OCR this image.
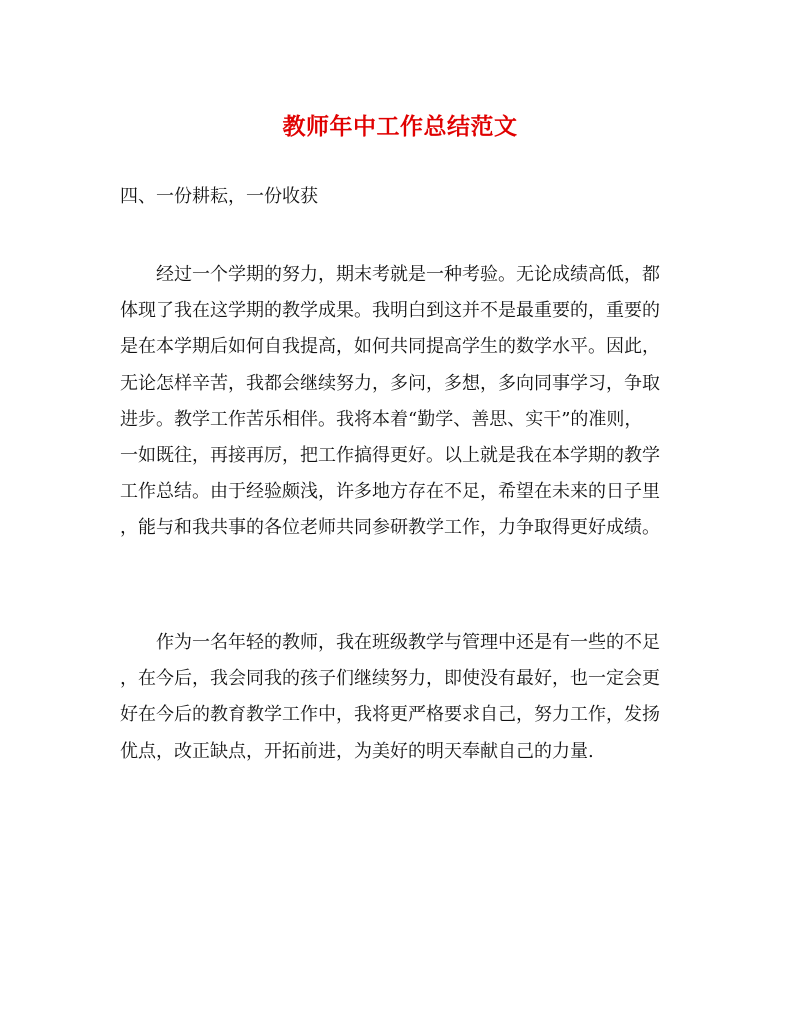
教师年中工作总结范文
四、一份耕耘，一份收获
　　经过一个学期的努力，期末考就是一种考验。无论成绩高低，都
体现了我在这学期的教学成果。我明白到这并不是最重要的，重要的
是在本学期后如何自我提高，如何共同提高学生的数学水平。因此，
无论怎样辛苦，我都会继续努力，多问，多想，多向同事学习，争取
进步。教学工作苦乐相伴。我将本着“勤学、善思、实干”的准则，
一如既往，再接再厉，把工作搞得更好。以上就是我在本学期的教学
工作总结。由于经验颇浅，许多地方存在不足，希望在未来的日子里
，能与和我共事的各位老师共同参研教学工作，力争取得更好成绩。
　　作为一名年轻的教师，我在班级教学与管理中还是有一些的不足
，在今后，我会同我的孩子们继续努力，即使没有最好，也一定会更
好在今后的教育教学工作中，我将更严格要求自己，努力工作，发扬
优点，改正缺点，开拓前进，为美好的明天奉献自己的力量.
